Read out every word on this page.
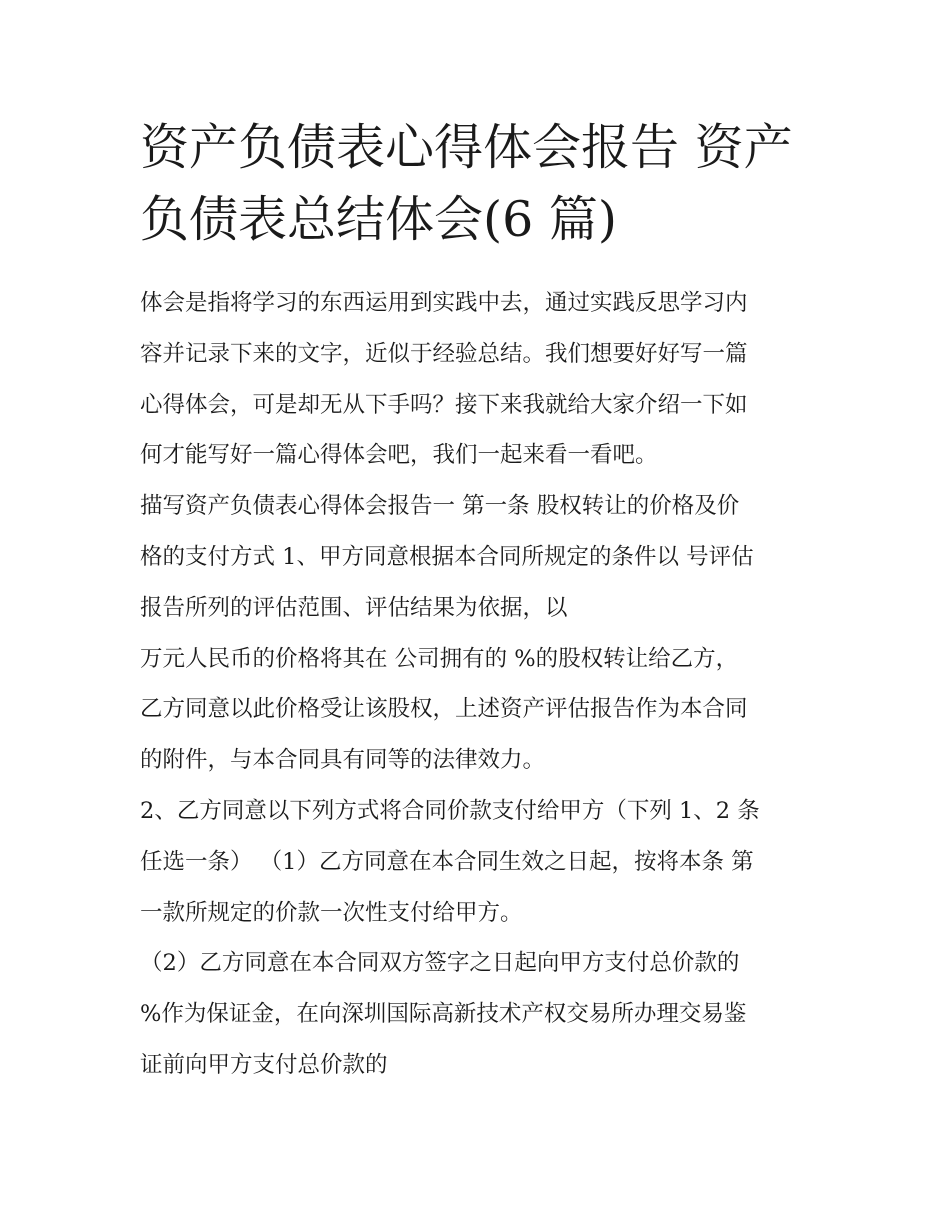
资产负债表心得体会报告 资产
负债表总结体会(6 篇)
体会是指将学习的东西运用到实践中去，通过实践反思学习内
容并记录下来的文字，近似于经验总结。我们想要好好写一篇
心得体会，可是却无从下手吗？接下来我就给大家介绍一下如
何才能写好一篇心得体会吧，我们一起来看一看吧。
描写资产负债表心得体会报告一 第一条 股权转让的价格及价
格的支付方式 1、甲方同意根据本合同所规定的条件以 号评估
报告所列的评估范围、评估结果为依据，以
万元人民币的价格将其在 公司拥有的 %的股权转让给乙方，
乙方同意以此价格受让该股权，上述资产评估报告作为本合同
的附件，与本合同具有同等的法律效力。
2、乙方同意以下列方式将合同价款支付给甲方（下列 1、2 条
任选一条） （1）乙方同意在本合同生效之日起，按将本条 第
一款所规定的价款一次性支付给甲方。
（2）乙方同意在本合同双方签字之日起向甲方支付总价款的
%作为保证金，在向深圳国际高新技术产权交易所办理交易鉴
证前向甲方支付总价款的
